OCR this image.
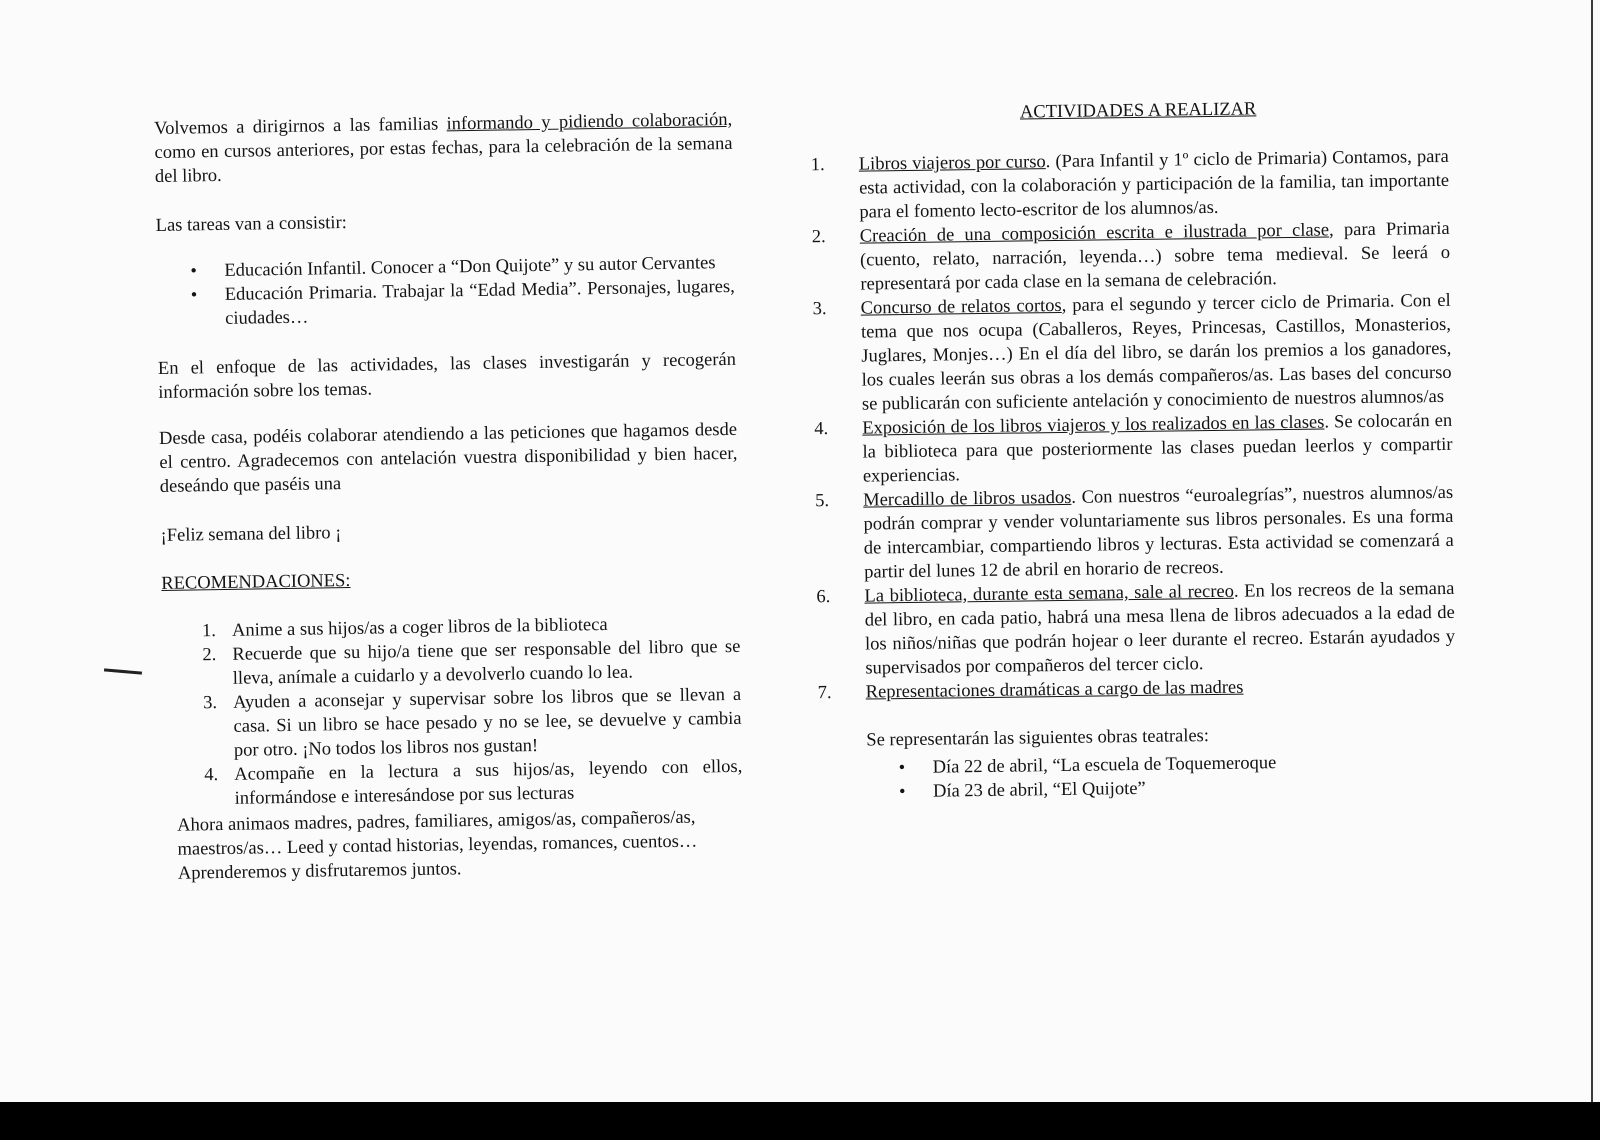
Volvemos a dirigirnos a las familias informando y pidiendo colaboración, como en cursos anteriores, por estas fechas, para la celebración de la semana del libro.

Las tareas van a consistir:

• Educación Infantil. Conocer a “Don Quijote” y su autor Cervantes
• Educación Primaria. Trabajar la “Edad Media”. Personajes, lugares, ciudades…

En el enfoque de las actividades, las clases investigarán y recogerán información sobre los temas.

Desde casa, podéis colaborar atendiendo a las peticiones que hagamos desde el centro. Agradecemos con antelación vuestra disponibilidad y bien hacer, deseándo que paséis una

¡Feliz semana del libro ¡

RECOMENDACIONES:

1. Anime a sus hijos/as a coger libros de la biblioteca
2. Recuerde que su hijo/a tiene que ser responsable del libro que se lleva, anímale a cuidarlo y a devolverlo cuando lo lea.
3. Ayuden a aconsejar y supervisar sobre los libros que se llevan a casa. Si un libro se hace pesado y no se lee, se devuelve y cambia por otro. ¡No todos los libros nos gustan!
4. Acompañe en la lectura a sus hijos/as, leyendo con ellos, informándose e interesándose por sus lecturas

Ahora animaos madres, padres, familiares, amigos/as, compañeros/as, maestros/as… Leed y contad historias, leyendas, romances, cuentos… Aprenderemos y disfrutaremos juntos.

ACTIVIDADES A REALIZAR

1.	Libros viajeros por curso. (Para Infantil y 1º ciclo de Primaria) Contamos, para esta actividad, con la colaboración y participación de la familia, tan importante para el fomento lecto-escritor de los alumnos/as.
2.	Creación de una composición escrita e ilustrada por clase, para Primaria (cuento, relato, narración, leyenda…) sobre tema medieval. Se leerá o representará por cada clase en la semana de celebración.
3.	Concurso de relatos cortos, para el segundo y tercer ciclo de Primaria. Con el tema que nos ocupa (Caballeros, Reyes, Princesas, Castillos, Monasterios, Juglares, Monjes…) En el día del libro, se darán los premios a los ganadores, los cuales leerán sus obras a los demás compañeros/as. Las bases del concurso se publicarán con suficiente antelación y conocimiento de nuestros alumnos/as
4.	Exposición de los libros viajeros y los realizados en las clases. Se colocarán en la biblioteca para que posteriormente las clases puedan leerlos y compartir experiencias.
5.	Mercadillo de libros usados. Con nuestros “euroalegrías”, nuestros alumnos/as podrán comprar y vender voluntariamente sus libros personales. Es una forma de intercambiar, compartiendo libros y lecturas. Esta actividad se comenzará a partir del lunes 12 de abril en horario de recreos.
6.	La biblioteca, durante esta semana, sale al recreo. En los recreos de la semana del libro, en cada patio, habrá una mesa llena de libros adecuados a la edad de los niños/niñas que podrán hojear o leer durante el recreo. Estarán ayudados y supervisados por compañeros del tercer ciclo.
7.	Representaciones dramáticas a cargo de las madres

Se representarán las siguientes obras teatrales:

• Día 22 de abril, “La escuela de Toquemeroque
• Día 23 de abril, “El Quijote”
